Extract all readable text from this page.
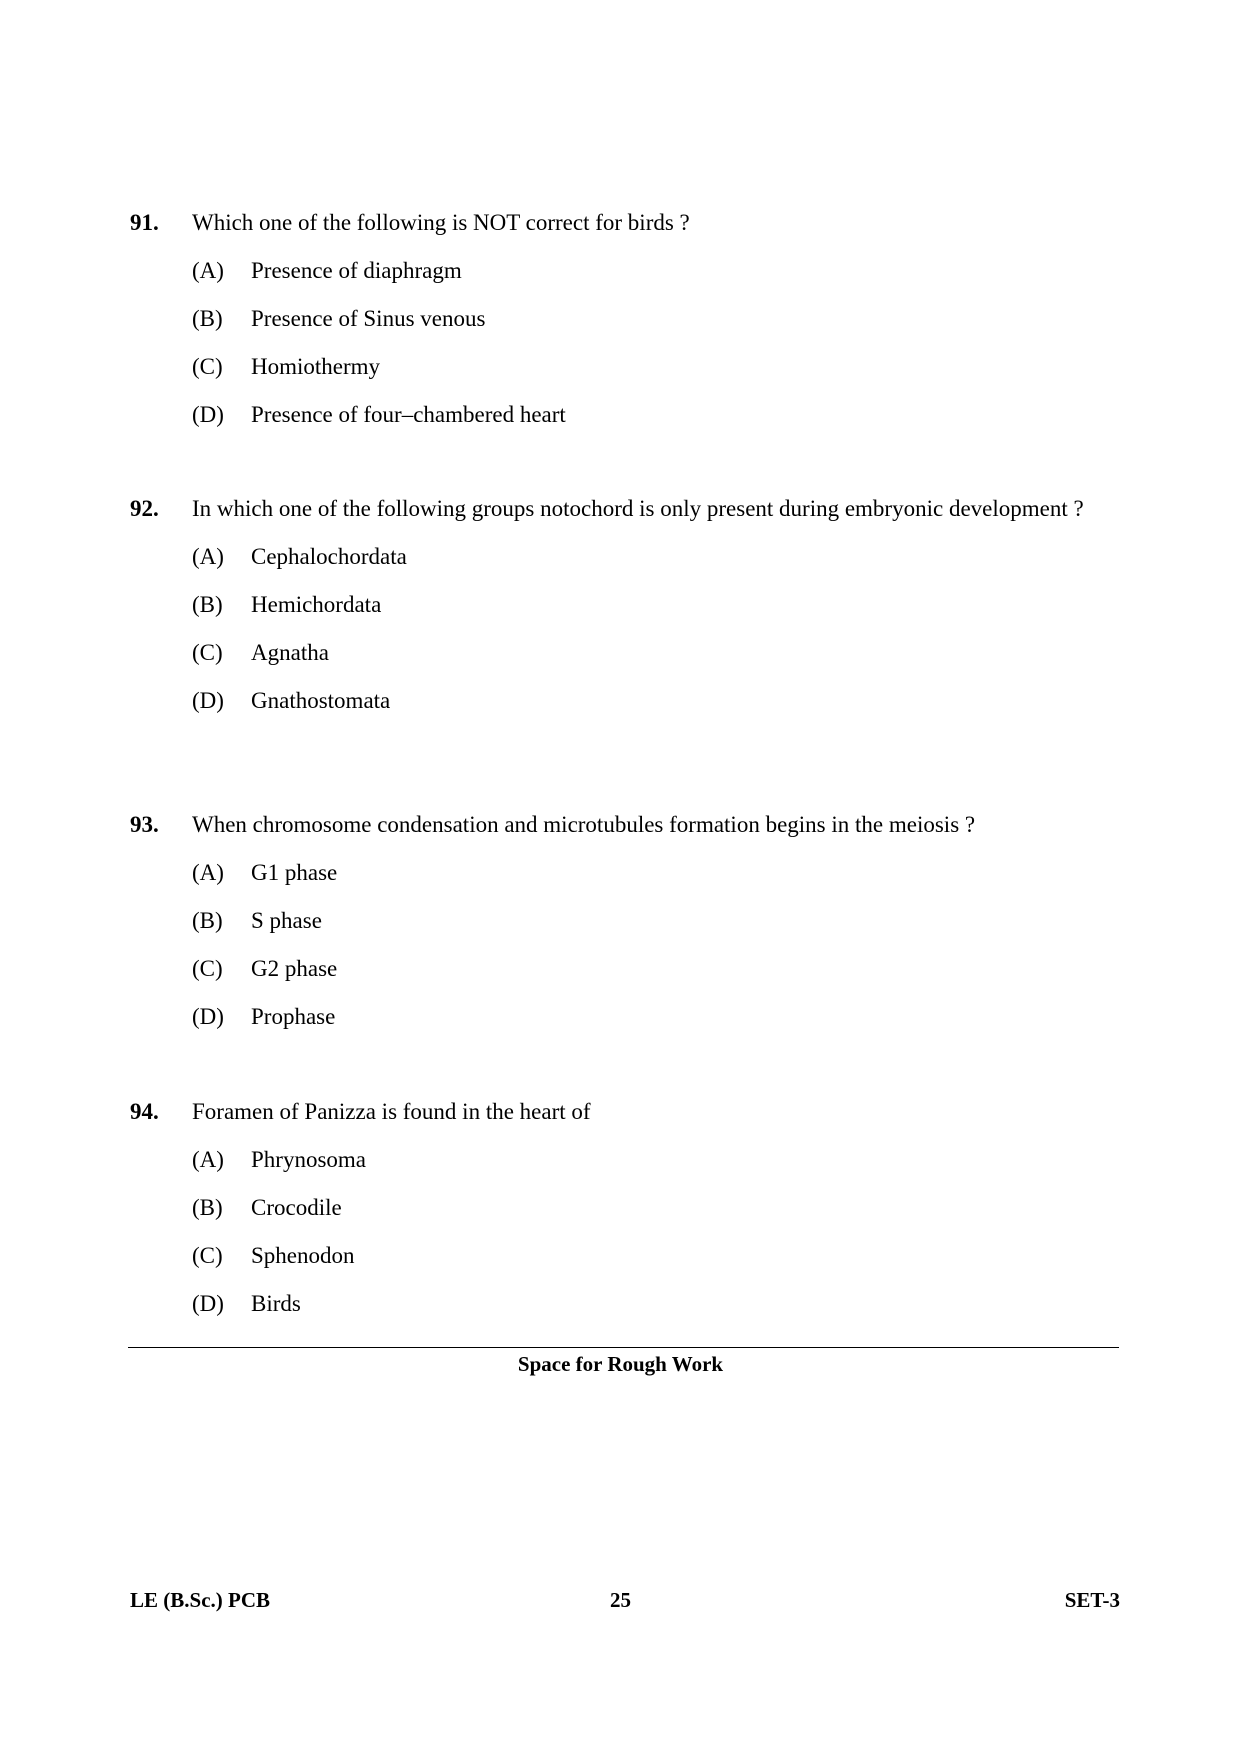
91.	Which one of the following is NOT correct for birds ?
(A)	Presence of diaphragm
(B)	Presence of Sinus venous
(C)	Homiothermy
(D)	Presence of four–chambered heart
92.	In which one of the following groups notochord is only present during embryonic development ?
(A)	Cephalochordata
(B)	Hemichordata
(C)	Agnatha
(D)	Gnathostomata
93.	When chromosome condensation and microtubules formation begins in the meiosis ?
(A)	G1 phase
(B)	S phase
(C)	G2 phase
(D)	Prophase
94.	Foramen of Panizza is found in the heart of
(A)	Phrynosoma
(B)	Crocodile
(C)	Sphenodon
(D)	Birds
Space for Rough Work
LE (B.Sc.) PCB	25	SET-3
